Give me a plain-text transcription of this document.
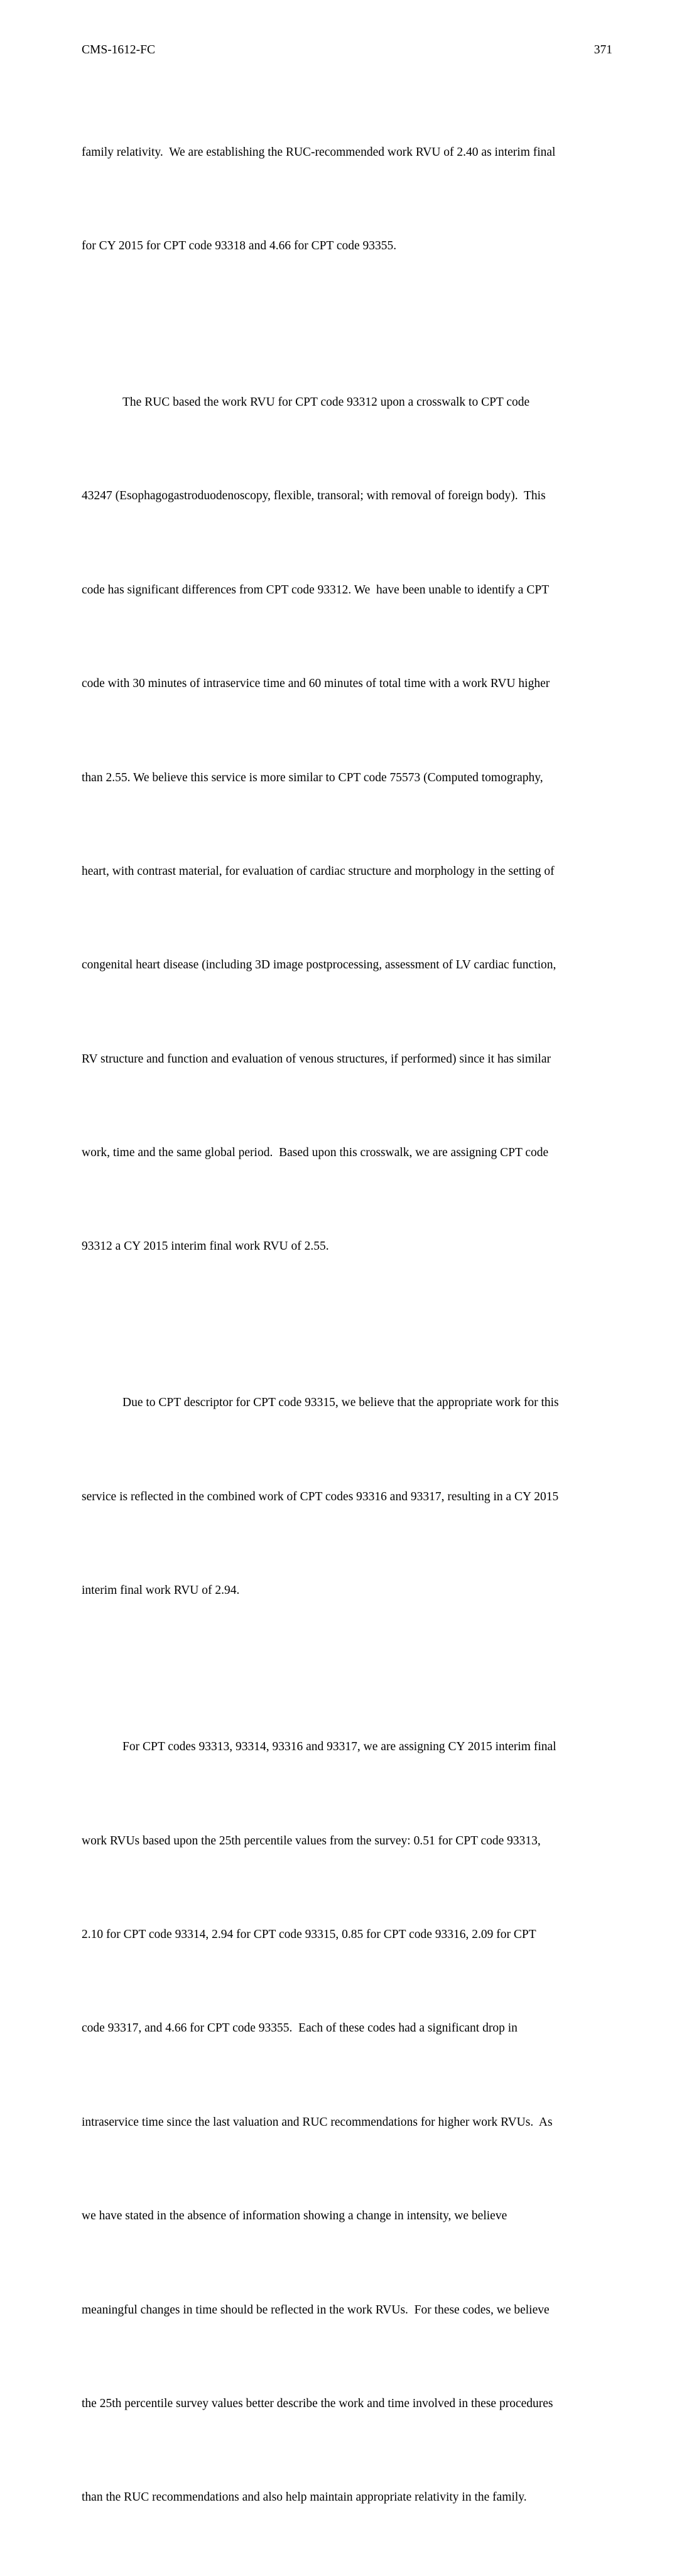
CMS-1612-FC	371

family relativity.  We are establishing the RUC-recommended work RVU of 2.40 as interim final

for CY 2015 for CPT code 93318 and 4.66 for CPT code 93355.

The RUC based the work RVU for CPT code 93312 upon a crosswalk to CPT code

43247 (Esophagogastroduodenoscopy, flexible, transoral; with removal of foreign body).  This

code has significant differences from CPT code 93312. We  have been unable to identify a CPT

code with 30 minutes of intraservice time and 60 minutes of total time with a work RVU higher

than 2.55. We believe this service is more similar to CPT code 75573 (Computed tomography,

heart, with contrast material, for evaluation of cardiac structure and morphology in the setting of

congenital heart disease (including 3D image postprocessing, assessment of LV cardiac function,

RV structure and function and evaluation of venous structures, if performed) since it has similar

work, time and the same global period.  Based upon this crosswalk, we are assigning CPT code

93312 a CY 2015 interim final work RVU of 2.55.

Due to CPT descriptor for CPT code 93315, we believe that the appropriate work for this

service is reflected in the combined work of CPT codes 93316 and 93317, resulting in a CY 2015

interim final work RVU of 2.94.

For CPT codes 93313, 93314, 93316 and 93317, we are assigning CY 2015 interim final

work RVUs based upon the 25th percentile values from the survey: 0.51 for CPT code 93313,

2.10 for CPT code 93314, 2.94 for CPT code 93315, 0.85 for CPT code 93316, 2.09 for CPT

code 93317, and 4.66 for CPT code 93355.  Each of these codes had a significant drop in

intraservice time since the last valuation and RUC recommendations for higher work RVUs.  As

we have stated in the absence of information showing a change in intensity, we believe

meaningful changes in time should be reflected in the work RVUs.  For these codes, we believe

the 25th percentile survey values better describe the work and time involved in these procedures

than the RUC recommendations and also help maintain appropriate relativity in the family.
